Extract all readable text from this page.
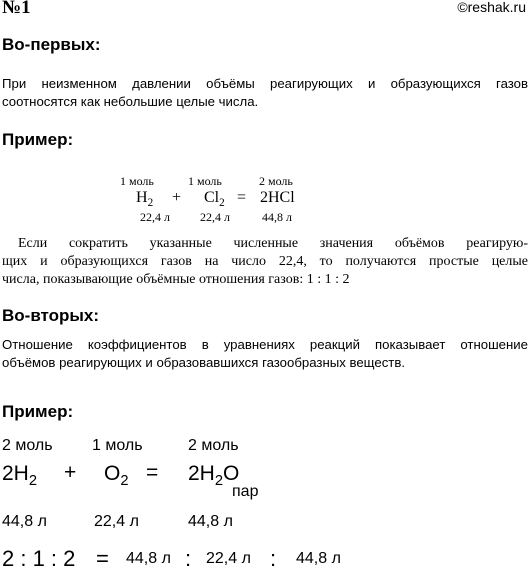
№1	©reshak.ru
Во-первых:
При неизменном давлении объёмы реагирующих и образующихся газов
соотносятся как небольшие целые числа.
Пример:
1 моль	1 моль	2 моль
$H_2 + Cl_2 = 2HCl$
22,4 л	22,4 л	44,8 л
Если сократить указанные численные значения объёмов реагирую-
щих и образующихся газов на число 22,4, то получаются простые целые
числа, показывающие объёмные отношения газов: 1 : 1 : 2
Во-вторых:
Отношение коэффициентов в уравнениях реакций показывает отношение
объёмов реагирующих и образовавшихся газообразных веществ.
Пример:
2 моль 1 моль	2 моль
$2H_2 + O_2 = 2H_2O$
пар
44,8 л	22,4 л	44,8 л
2 : 1 : 2 = 44,8 л : 22,4 л : 44,8 л
